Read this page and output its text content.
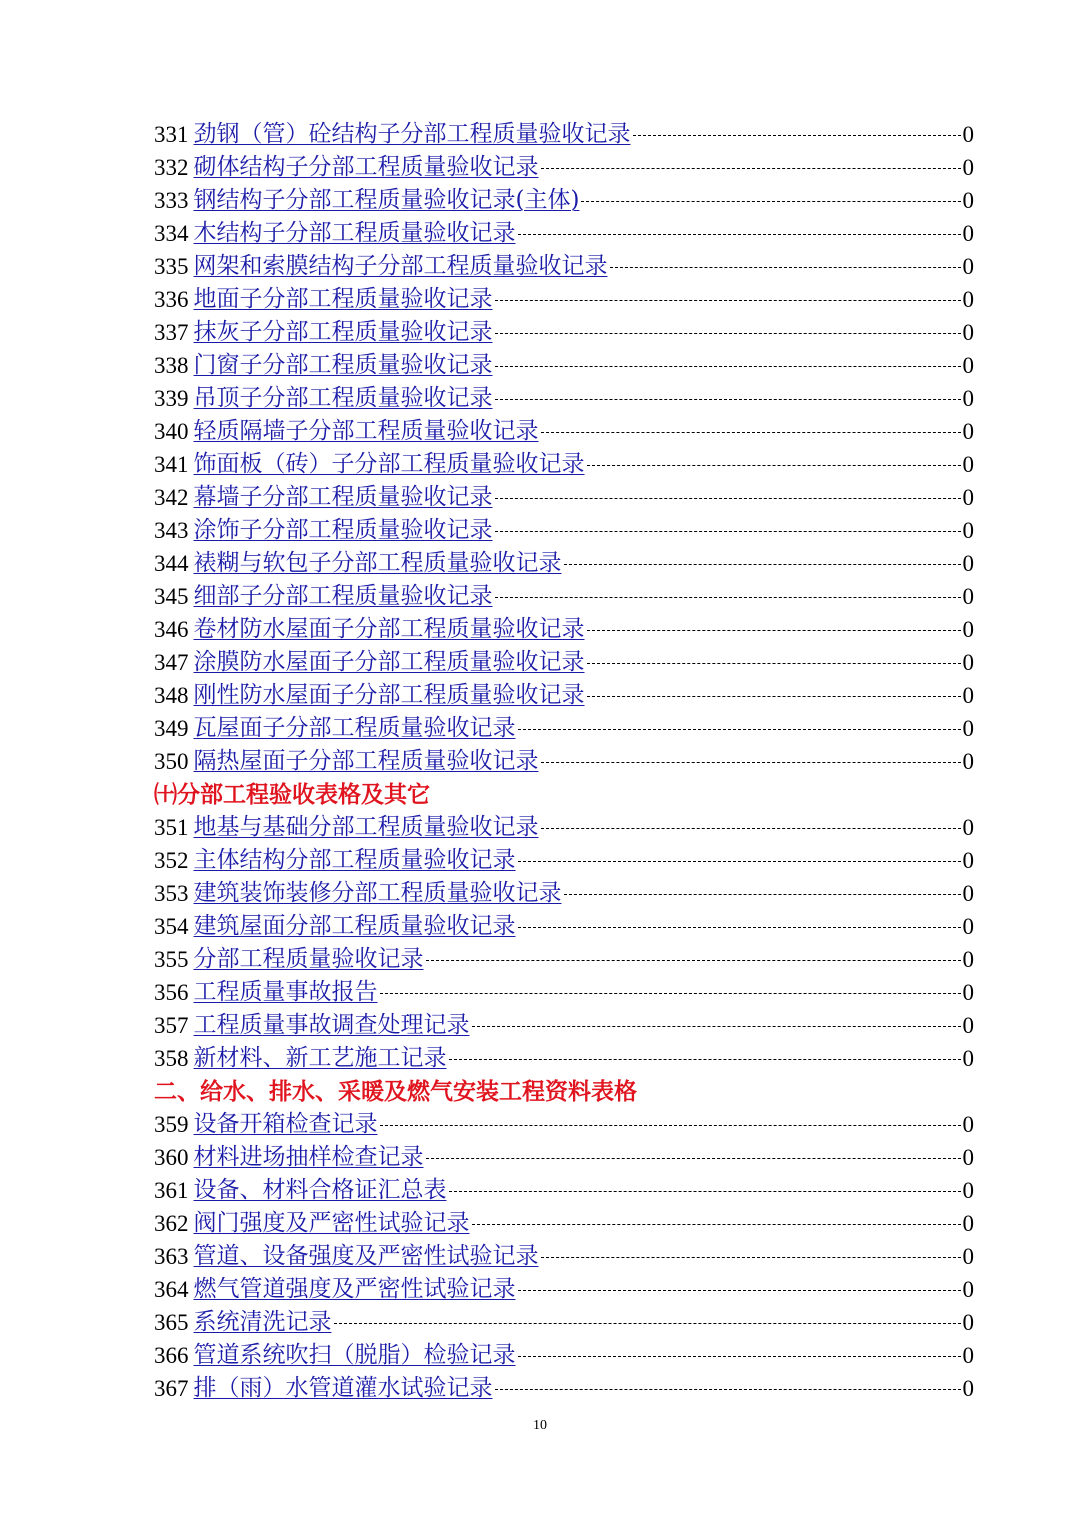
331 劲钢（管）砼结构子分部工程质量验收记录	0
332 砌体结构子分部工程质量验收记录	0
333 钢结构子分部工程质量验收记录(主体)	0
334 木结构子分部工程质量验收记录	0
335 网架和索膜结构子分部工程质量验收记录	0
336 地面子分部工程质量验收记录	0
337 抹灰子分部工程质量验收记录	0
338 门窗子分部工程质量验收记录	0
339 吊顶子分部工程质量验收记录	0
340 轻质隔墙子分部工程质量验收记录	0
341 饰面板（砖）子分部工程质量验收记录	0
342 幕墙子分部工程质量验收记录	0
343 涂饰子分部工程质量验收记录	0
344 裱糊与软包子分部工程质量验收记录	0
345 细部子分部工程质量验收记录	0
346 卷材防水屋面子分部工程质量验收记录	0
347 涂膜防水屋面子分部工程质量验收记录	0
348 刚性防水屋面子分部工程质量验收记录	0
349 瓦屋面子分部工程质量验收记录	0
350 隔热屋面子分部工程质量验收记录	0
㈩分部工程验收表格及其它
351 地基与基础分部工程质量验收记录	0
352 主体结构分部工程质量验收记录	0
353 建筑装饰装修分部工程质量验收记录	0
354 建筑屋面分部工程质量验收记录	0
355 分部工程质量验收记录	0
356 工程质量事故报告	0
357 工程质量事故调查处理记录	0
358 新材料、新工艺施工记录	0
二、给水、排水、采暖及燃气安装工程资料表格
359 设备开箱检查记录	0
360 材料进场抽样检查记录	0
361 设备、材料合格证汇总表	0
362 阀门强度及严密性试验记录	0
363 管道、设备强度及严密性试验记录	0
364 燃气管道强度及严密性试验记录	0
365 系统清洗记录	0
366 管道系统吹扫（脱脂）检验记录	0
367 排（雨）水管道灌水试验记录	0
10
